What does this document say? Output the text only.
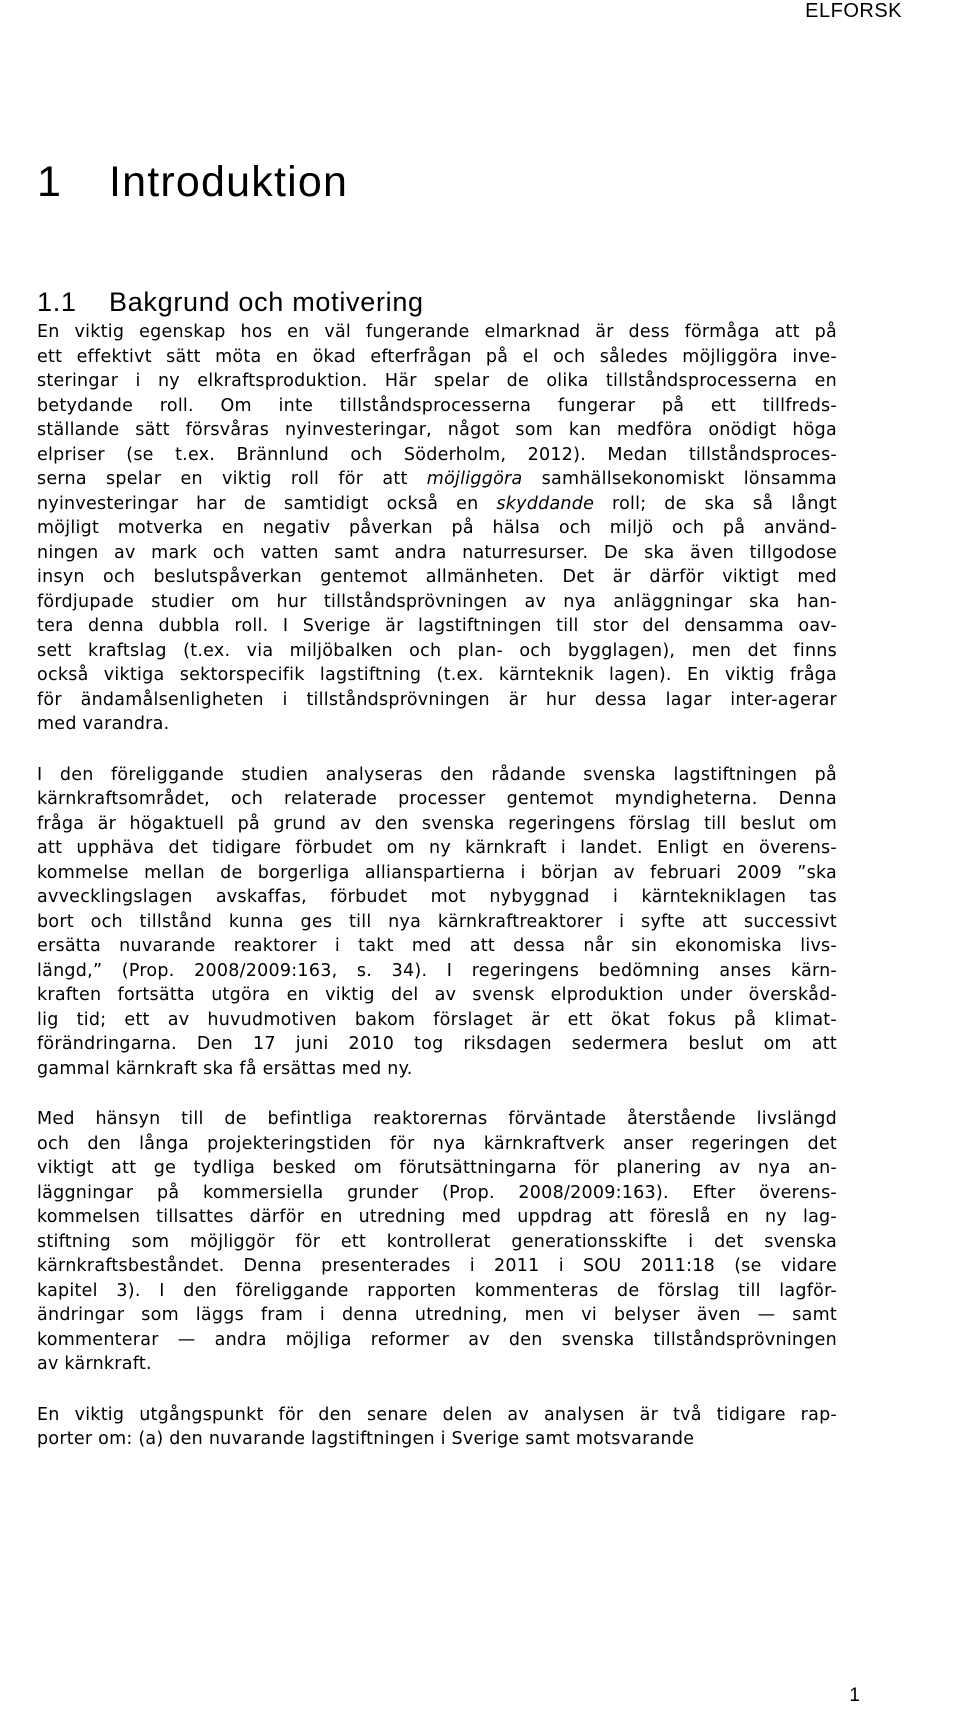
ELFORSK
1 Introduktion
1.1 Bakgrund och motivering
En viktig egenskap hos en väl fungerande elmarknad är dess förmåga att på
ett effektivt sätt möta en ökad efterfrågan på el och således möjliggöra inve-
steringar i ny elkraftsproduktion. Här spelar de olika tillståndsprocesserna en
betydande roll. Om inte tillståndsprocesserna fungerar på ett tillfreds-
ställande sätt försvåras nyinvesteringar, något som kan medföra onödigt höga
elpriser (se t.ex. Brännlund och Söderholm, 2012). Medan tillståndsproces-
serna spelar en viktig roll för att möjliggöra samhällsekonomiskt lönsamma
nyinvesteringar har de samtidigt också en skyddande roll; de ska så långt
möjligt motverka en negativ påverkan på hälsa och miljö och på använd-
ningen av mark och vatten samt andra naturresurser. De ska även tillgodose
insyn och beslutspåverkan gentemot allmänheten. Det är därför viktigt med
fördjupade studier om hur tillståndsprövningen av nya anläggningar ska han-
tera denna dubbla roll. I Sverige är lagstiftningen till stor del densamma oav-
sett kraftslag (t.ex. via miljöbalken och plan- och bygglagen), men det finns
också viktiga sektorspecifik lagstiftning (t.ex. kärnteknik lagen). En viktig fråga
för ändamålsenligheten i tillståndsprövningen är hur dessa lagar inter-agerar
med varandra.
I den föreliggande studien analyseras den rådande svenska lagstiftningen på
kärnkraftsområdet, och relaterade processer gentemot myndigheterna. Denna
fråga är högaktuell på grund av den svenska regeringens förslag till beslut om
att upphäva det tidigare förbudet om ny kärnkraft i landet. Enligt en överens-
kommelse mellan de borgerliga allianspartierna i början av februari 2009 ”ska
avvecklingslagen avskaffas, förbudet mot nybyggnad i kärntekniklagen tas
bort och tillstånd kunna ges till nya kärnkraftreaktorer i syfte att successivt
ersätta nuvarande reaktorer i takt med att dessa når sin ekonomiska livs-
längd,” (Prop. 2008/2009:163, s. 34). I regeringens bedömning anses kärn-
kraften fortsätta utgöra en viktig del av svensk elproduktion under överskåd-
lig tid; ett av huvudmotiven bakom förslaget är ett ökat fokus på klimat-
förändringarna. Den 17 juni 2010 tog riksdagen sedermera beslut om att
gammal kärnkraft ska få ersättas med ny.
Med hänsyn till de befintliga reaktorernas förväntade återstående livslängd
och den långa projekteringstiden för nya kärnkraftverk anser regeringen det
viktigt att ge tydliga besked om förutsättningarna för planering av nya an-
läggningar på kommersiella grunder (Prop. 2008/2009:163). Efter överens-
kommelsen tillsattes därför en utredning med uppdrag att föreslå en ny lag-
stiftning som möjliggör för ett kontrollerat generationsskifte i det svenska
kärnkraftsbeståndet. Denna presenterades i 2011 i SOU 2011:18 (se vidare
kapitel 3). I den föreliggande rapporten kommenteras de förslag till lagför-
ändringar som läggs fram i denna utredning, men vi belyser även — samt
kommenterar — andra möjliga reformer av den svenska tillståndsprövningen
av kärnkraft.
En viktig utgångspunkt för den senare delen av analysen är två tidigare rap-
porter om: (a) den nuvarande lagstiftningen i Sverige samt motsvarande
1
